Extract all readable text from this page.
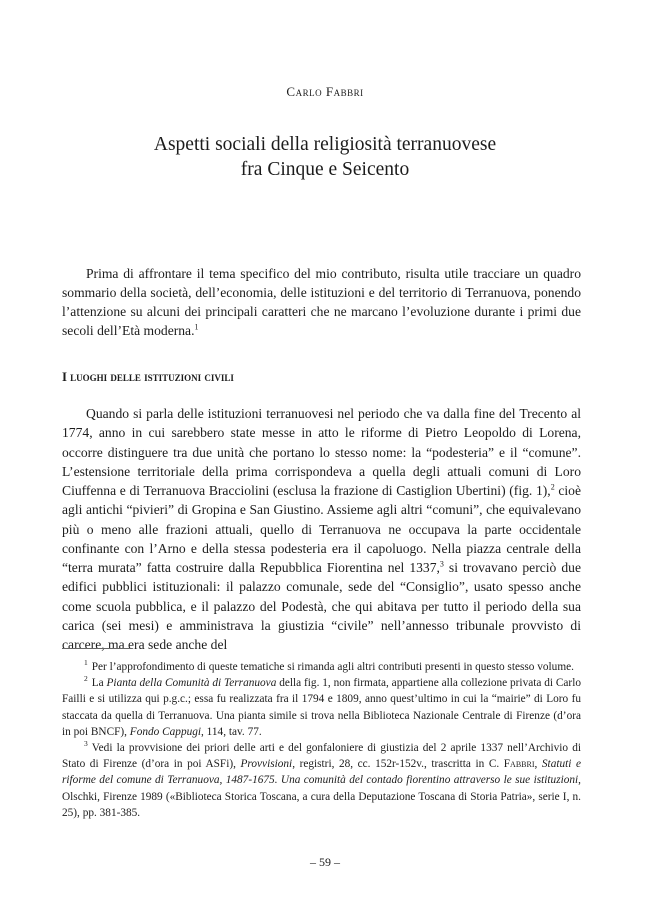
Carlo Fabbri
Aspetti sociali della religiosità terranuovese
fra Cinque e Seicento

Prima di affrontare il tema specifico del mio contributo, risulta utile tracciare un quadro sommario della società, dell’economia, delle istituzioni e del territorio di Terranuova, ponendo l’attenzione su alcuni dei principali caratteri che ne marcano l’evoluzione durante i primi due secoli dell’Età moderna.$^1$

I luoghi delle istituzioni civili

Quando si parla delle istituzioni terranuovesi nel periodo che va dalla fine del Trecento al 1774, anno in cui sarebbero state messe in atto le riforme di Pietro Leopoldo di Lorena, occorre distinguere tra due unità che portano lo stesso nome: la “podesteria” e il “comune”. L’estensione territoriale della prima corrispondeva a quella degli attuali comuni di Loro Ciuffenna e di Terranuova Bracciolini (esclusa la frazione di Castiglion Ubertini) (fig. 1),$^2$ cioè agli antichi “pivieri” di Gropina e San Giustino. Assieme agli altri “comuni”, che equivalevano più o meno alle frazioni attuali, quello di Terranuova ne occupava la parte occidentale confinante con l’Arno e della stessa podesteria era il capoluogo. Nella piazza centrale della “terra murata” fatta costruire dalla Repubblica Fiorentina nel 1337,$^3$ si trovavano perciò due edifici pubblici istituzionali: il palazzo comunale, sede del “Consiglio”, usato spesso anche come scuola pubblica, e il palazzo del Podestà, che qui abitava per tutto il periodo della sua carica (sei mesi) e amministrava la giustizia “civile” nell’annesso tribunale provvisto di carcere, ma era sede anche del

$^1$ Per l’approfondimento di queste tematiche si rimanda agli altri contributi presenti in questo stesso volume.

$^2$ La Pianta della Comunità di Terranuova della fig. 1, non firmata, appartiene alla collezione privata di Carlo Failli e si utilizza qui p.g.c.; essa fu realizzata fra il 1794 e 1809, anno quest’ultimo in cui la “mairie” di Loro fu staccata da quella di Terranuova. Una pianta simile si trova nella Biblioteca Nazionale Centrale di Firenze (d’ora in poi BNCF), Fondo Cappugi, 114, tav. 77.

$^3$ Vedi la provvisione dei priori delle arti e del gonfaloniere di giustizia del 2 aprile 1337 nell’Archivio di Stato di Firenze (d’ora in poi ASFi), Provvisioni, registri, 28, cc. 152r-152v., trascritta in C. Fabbri, Statuti e riforme del comune di Terranuova, 1487-1675. Una comunità del contado fiorentino attraverso le sue istituzioni, Olschki, Firenze 1989 («Biblioteca Storica Toscana, a cura della Deputazione Toscana di Storia Patria», serie I, n. 25), pp. 381-385.

– 59 –
